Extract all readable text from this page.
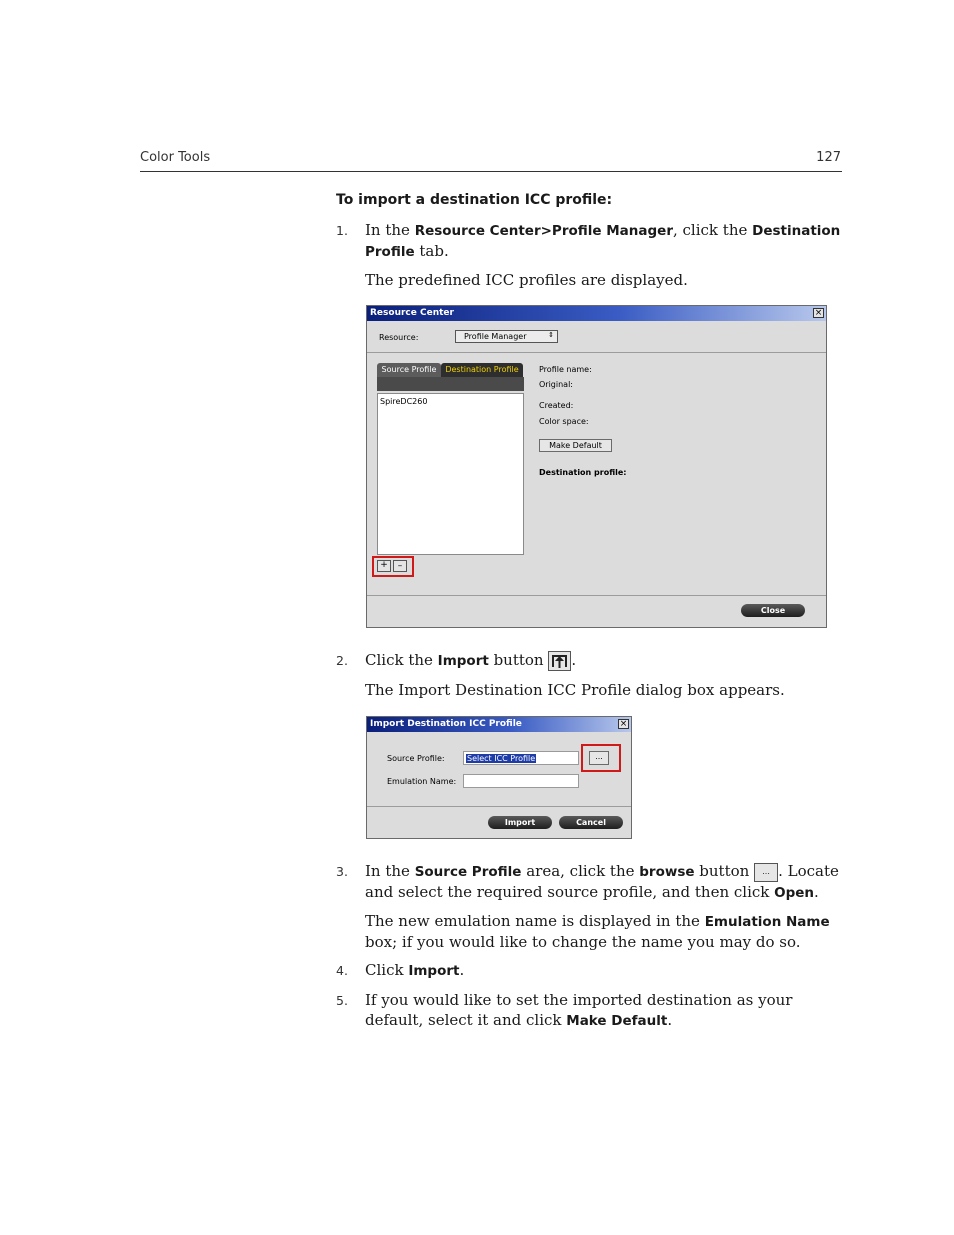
Color Tools	127
To import a destination ICC profile:
1. In the Resource Center>Profile Manager, click the Destination Profile tab.
The predefined ICC profiles are displayed.
Resource Center	×
Resource:	Profile Manager	⇕
Source Profile	Destination Profile
SpireDC260
+	–
Profile name:
Original:
Created:
Color space:
Make Default
Destination profile:
Close
2. Click the Import button .
The Import Destination ICC Profile dialog box appears.
Import Destination ICC Profile	×
Source Profile:	Select ICC Profile	...
Emulation Name:
Import	Cancel
3. In the Source Profile area, click the browse button ... . Locate and select the required source profile, and then click Open.
The new emulation name is displayed in the Emulation Name box; if you would like to change the name you may do so.
4. Click Import.
5. If you would like to set the imported destination as your default, select it and click Make Default.
